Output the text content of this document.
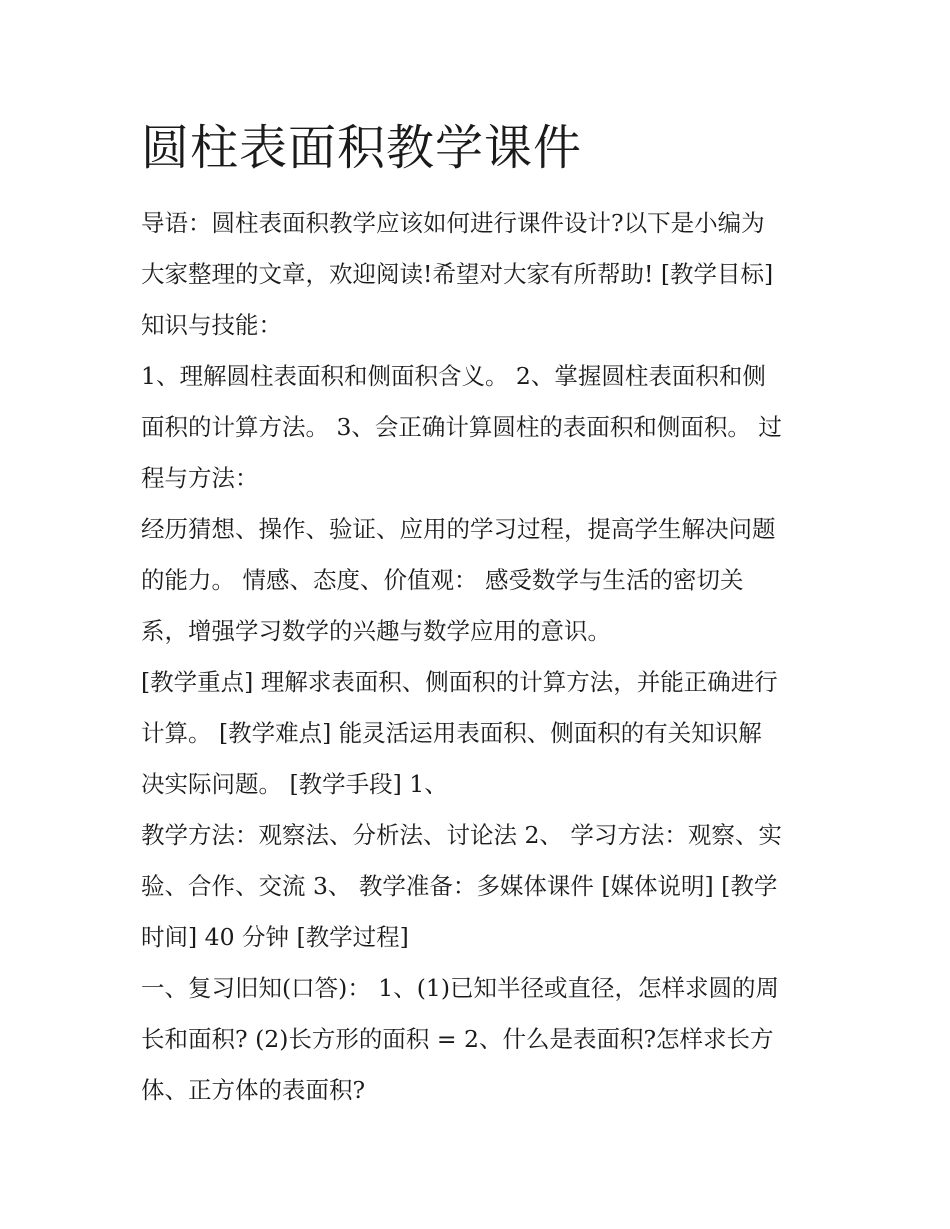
圆柱表面积教学课件
导语：圆柱表面积教学应该如何进行课件设计?以下是小编为
大家整理的文章，欢迎阅读!希望对大家有所帮助! [教学目标]
知识与技能：
1、理解圆柱表面积和侧面积含义。 2、掌握圆柱表面积和侧
面积的计算方法。 3、会正确计算圆柱的表面积和侧面积。 过
程与方法：
经历猜想、操作、验证、应用的学习过程，提高学生解决问题
的能力。 情感、态度、价值观： 感受数学与生活的密切关
系，增强学习数学的兴趣与数学应用的意识。
[教学重点] 理解求表面积、侧面积的计算方法，并能正确进行
计算。 [教学难点] 能灵活运用表面积、侧面积的有关知识解
决实际问题。 [教学手段] 1、
教学方法：观察法、分析法、讨论法 2、 学习方法：观察、实
验、合作、交流 3、 教学准备：多媒体课件 [媒体说明] [教学
时间] 40 分钟 [教学过程]
一、复习旧知(口答)： 1、(1)已知半径或直径，怎样求圆的周
长和面积? (2)长方形的面积 = 2、什么是表面积?怎样求长方
体、正方体的表面积?
